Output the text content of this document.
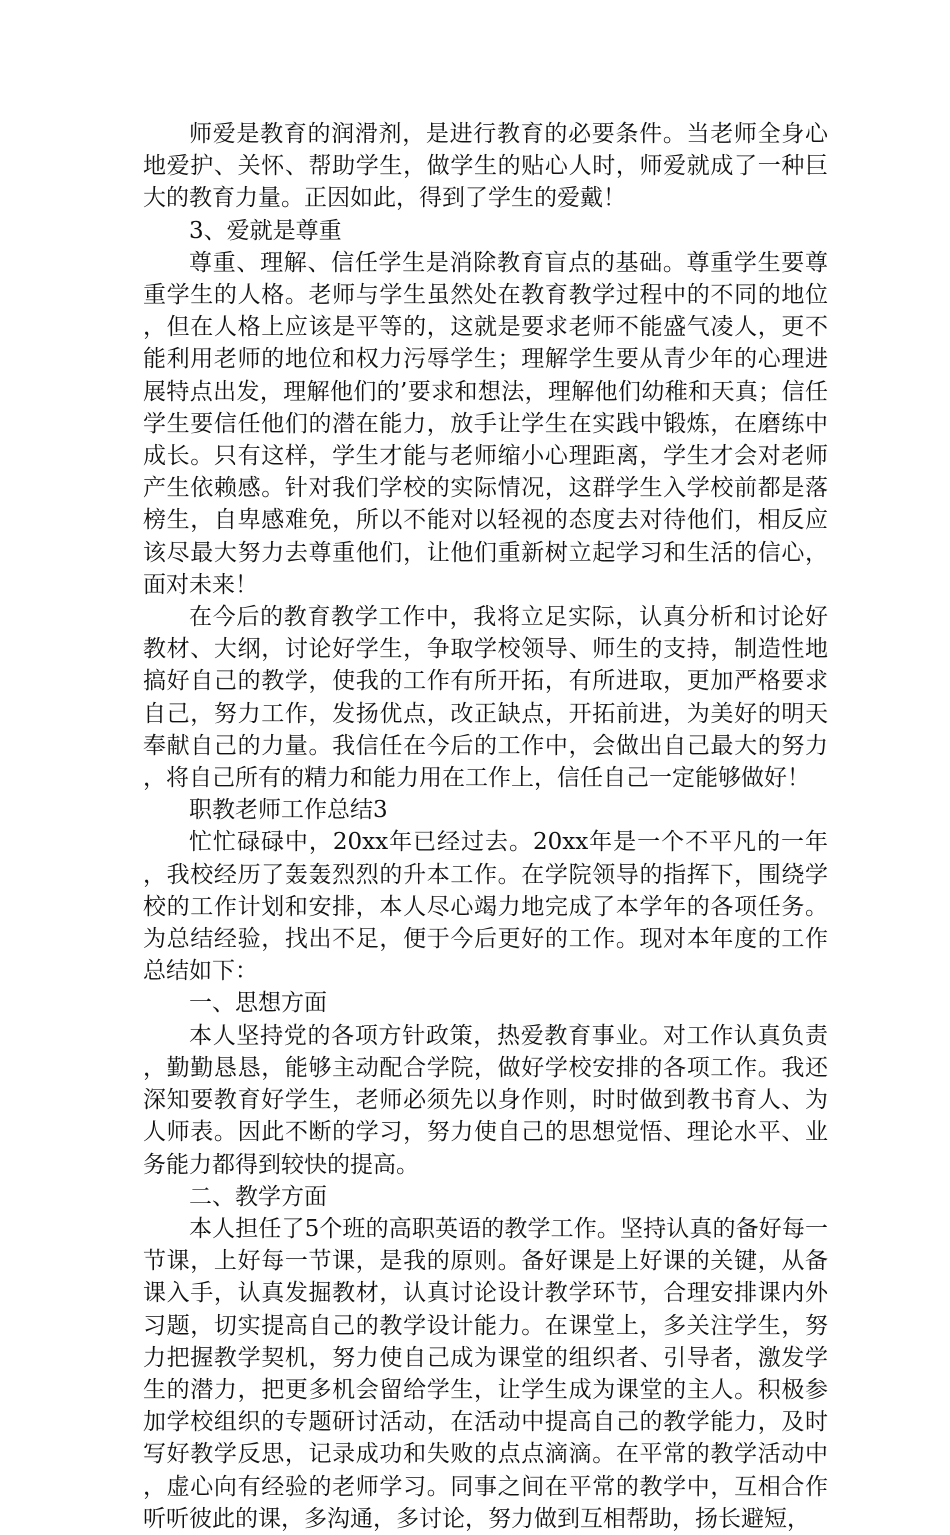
师爱是教育的润滑剂，是进行教育的必要条件。当老师全身心地爱护、关怀、帮助学生，做学生的贴心人时，师爱就成了一种巨大的教育力量。正因如此，得到了学生的爱戴！

3、爱就是尊重

尊重、理解、信任学生是消除教育盲点的基础。尊重学生要尊重学生的人格。老师与学生虽然处在教育教学过程中的不同的地位，但在人格上应该是平等的，这就是要求老师不能盛气凌人，更不能利用老师的地位和权力污辱学生；理解学生要从青少年的心理进展特点出发，理解他们的’要求和想法，理解他们幼稚和天真；信任学生要信任他们的潜在能力，放手让学生在实践中锻炼，在磨练中成长。只有这样，学生才能与老师缩小心理距离，学生才会对老师产生依赖感。针对我们学校的实际情况，这群学生入学校前都是落榜生，自卑感难免，所以不能对以轻视的态度去对待他们，相反应该尽最大努力去尊重他们，让他们重新树立起学习和生活的信心，面对未来！

在今后的教育教学工作中，我将立足实际，认真分析和讨论好教材、大纲，讨论好学生，争取学校领导、师生的支持，制造性地搞好自己的教学，使我的工作有所开拓，有所进取，更加严格要求自己，努力工作，发扬优点，改正缺点，开拓前进，为美好的明天奉献自己的力量。我信任在今后的工作中，会做出自己最大的努力，将自己所有的精力和能力用在工作上，信任自己一定能够做好！

职教老师工作总结3

忙忙碌碌中，20xx年已经过去。20xx年是一个不平凡的一年，我校经历了轰轰烈烈的升本工作。在学院领导的指挥下，围绕学校的工作计划和安排，本人尽心竭力地完成了本学年的各项任务。为总结经验，找出不足，便于今后更好的工作。现对本年度的工作总结如下：

一、思想方面

本人坚持党的各项方针政策，热爱教育事业。对工作认真负责，勤勤恳恳，能够主动配合学院，做好学校安排的各项工作。我还深知要教育好学生，老师必须先以身作则，时时做到教书育人、为人师表。因此不断的学习，努力使自己的思想觉悟、理论水平、业务能力都得到较快的提高。

二、教学方面

本人担任了5个班的高职英语的教学工作。坚持认真的备好每一节课，上好每一节课，是我的原则。备好课是上好课的关键，从备课入手，认真发掘教材，认真讨论设计教学环节，合理安排课内外习题，切实提高自己的教学设计能力。在课堂上，多关注学生，努力把握教学契机，努力使自己成为课堂的组织者、引导者，激发学生的潜力，把更多机会留给学生，让学生成为课堂的主人。积极参加学校组织的专题研讨活动，在活动中提高自己的教学能力，及时写好教学反思，记录成功和失败的点点滴滴。在平常的教学活动中，虚心向有经验的老师学习。同事之间在平常的教学中，互相合作听听彼此的课，多沟通，多讨论，努力做到互相帮助，扬长避短，
